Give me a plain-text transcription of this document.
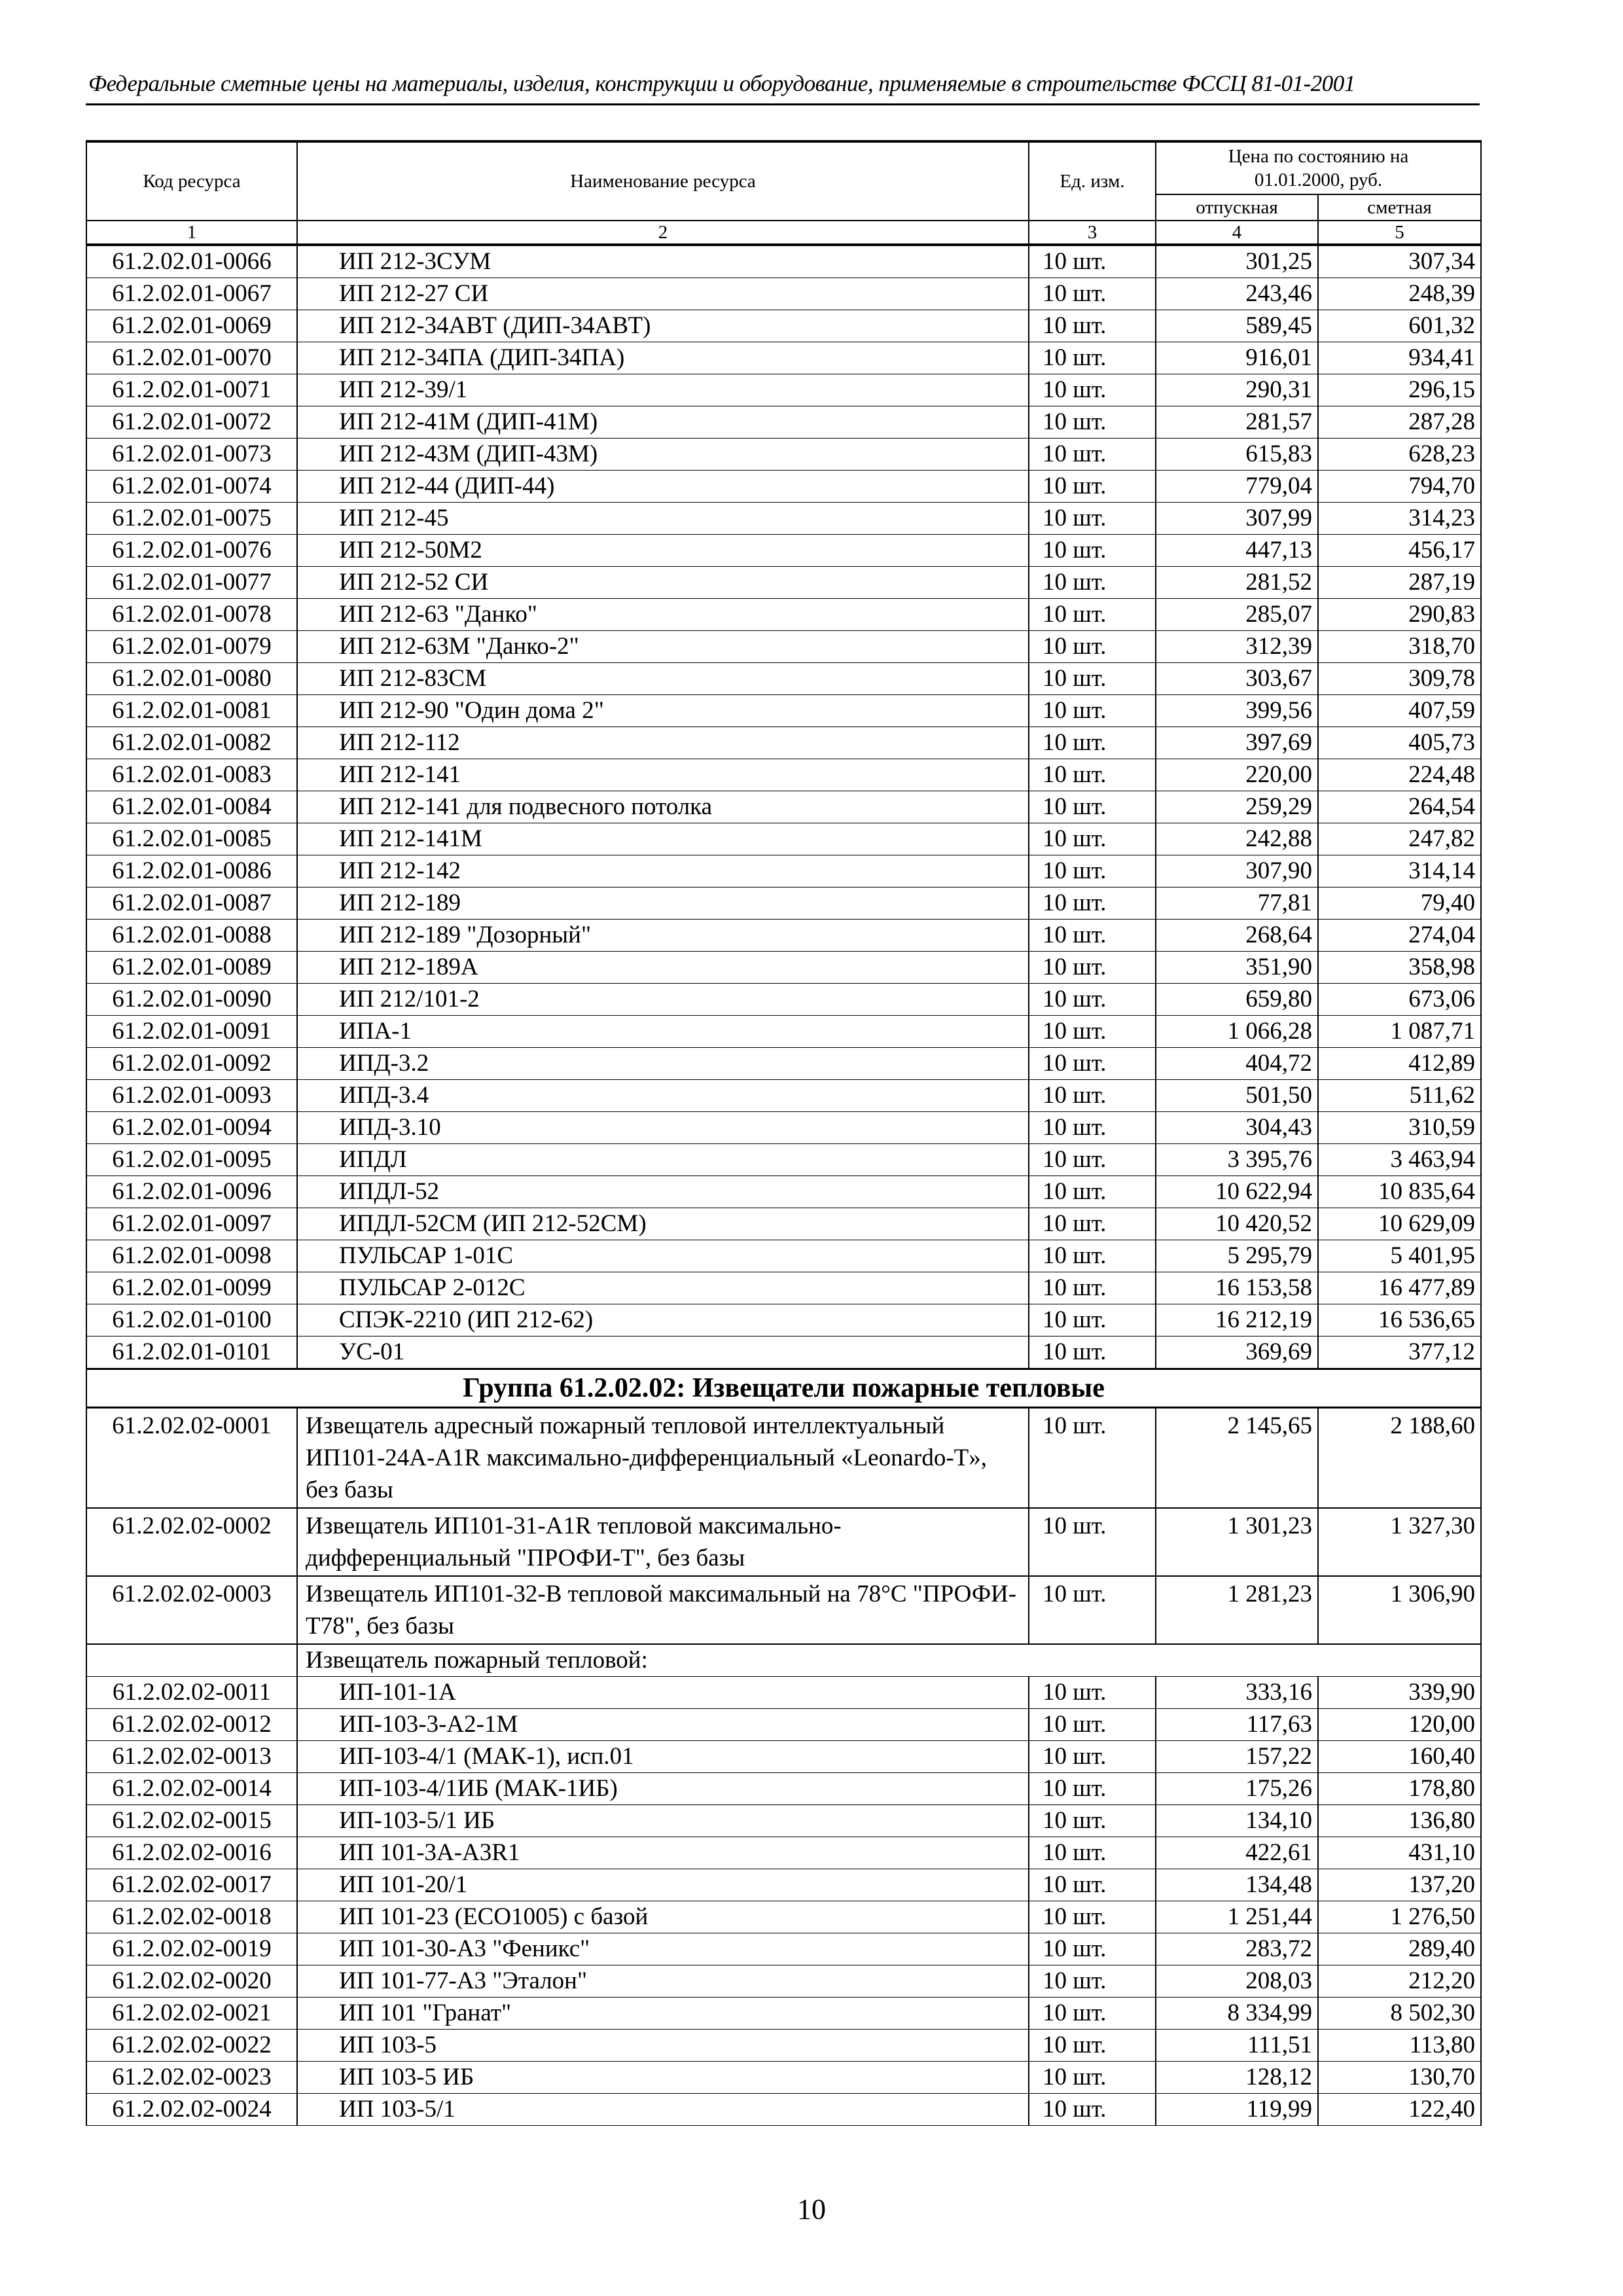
Федеральные сметные цены на материалы, изделия, конструкции и оборудование, применяемые в строительстве ФССЦ 81-01-2001
Код ресурса	Наименование ресурса	Ед. изм.	Цена по состоянию на 01.01.2000, руб.	
			отпускная	сметная
1	2	3	4	5
61.2.02.01-0066	ИП 212-3СУМ	10 шт.	301,25	307,34
61.2.02.01-0067	ИП 212-27 СИ	10 шт.	243,46	248,39
61.2.02.01-0069	ИП 212-34АВТ (ДИП-34АВТ)	10 шт.	589,45	601,32
61.2.02.01-0070	ИП 212-34ПА (ДИП-34ПА)	10 шт.	916,01	934,41
61.2.02.01-0071	ИП 212-39/1	10 шт.	290,31	296,15
61.2.02.01-0072	ИП 212-41М (ДИП-41М)	10 шт.	281,57	287,28
61.2.02.01-0073	ИП 212-43М (ДИП-43М)	10 шт.	615,83	628,23
61.2.02.01-0074	ИП 212-44 (ДИП-44)	10 шт.	779,04	794,70
61.2.02.01-0075	ИП 212-45	10 шт.	307,99	314,23
61.2.02.01-0076	ИП 212-50М2	10 шт.	447,13	456,17
61.2.02.01-0077	ИП 212-52 СИ	10 шт.	281,52	287,19
61.2.02.01-0078	ИП 212-63 "Данко"	10 шт.	285,07	290,83
61.2.02.01-0079	ИП 212-63М "Данко-2"	10 шт.	312,39	318,70
61.2.02.01-0080	ИП 212-83СМ	10 шт.	303,67	309,78
61.2.02.01-0081	ИП 212-90 "Один дома 2"	10 шт.	399,56	407,59
61.2.02.01-0082	ИП 212-112	10 шт.	397,69	405,73
61.2.02.01-0083	ИП 212-141	10 шт.	220,00	224,48
61.2.02.01-0084	ИП 212-141 для подвесного потолка	10 шт.	259,29	264,54
61.2.02.01-0085	ИП 212-141М	10 шт.	242,88	247,82
61.2.02.01-0086	ИП 212-142	10 шт.	307,90	314,14
61.2.02.01-0087	ИП 212-189	10 шт.	77,81	79,40
61.2.02.01-0088	ИП 212-189 "Дозорный"	10 шт.	268,64	274,04
61.2.02.01-0089	ИП 212-189А	10 шт.	351,90	358,98
61.2.02.01-0090	ИП 212/101-2	10 шт.	659,80	673,06
61.2.02.01-0091	ИПА-1	10 шт.	1 066,28	1 087,71
61.2.02.01-0092	ИПД-3.2	10 шт.	404,72	412,89
61.2.02.01-0093	ИПД-3.4	10 шт.	501,50	511,62
61.2.02.01-0094	ИПД-3.10	10 шт.	304,43	310,59
61.2.02.01-0095	ИПДЛ	10 шт.	3 395,76	3 463,94
61.2.02.01-0096	ИПДЛ-52	10 шт.	10 622,94	10 835,64
61.2.02.01-0097	ИПДЛ-52СМ (ИП 212-52СМ)	10 шт.	10 420,52	10 629,09
61.2.02.01-0098	ПУЛЬСАР 1-01С	10 шт.	5 295,79	5 401,95
61.2.02.01-0099	ПУЛЬСАР 2-012С	10 шт.	16 153,58	16 477,89
61.2.02.01-0100	СПЭК-2210 (ИП 212-62)	10 шт.	16 212,19	16 536,65
61.2.02.01-0101	УС-01	10 шт.	369,69	377,12
Группа 61.2.02.02: Извещатели пожарные тепловые				
61.2.02.02-0001	Извещатель адресный пожарный тепловой интеллектуальный ИП101-24А-А1R максимально-дифференциальный «Leonardo-T», без базы	10 шт.	2 145,65	2 188,60
61.2.02.02-0002	Извещатель ИП101-31-А1R тепловой максимально-дифференциальный "ПРОФИ-Т", без базы	10 шт.	1 301,23	1 327,30
61.2.02.02-0003	Извещатель ИП101-32-В тепловой максимальный на 78°С "ПРОФИ-Т78", без базы	10 шт.	1 281,23	1 306,90
	Извещатель пожарный тепловой:			
61.2.02.02-0011	ИП-101-1А	10 шт.	333,16	339,90
61.2.02.02-0012	ИП-103-3-А2-1М	10 шт.	117,63	120,00
61.2.02.02-0013	ИП-103-4/1 (МАК-1), исп.01	10 шт.	157,22	160,40
61.2.02.02-0014	ИП-103-4/1ИБ (МАК-1ИБ)	10 шт.	175,26	178,80
61.2.02.02-0015	ИП-103-5/1 ИБ	10 шт.	134,10	136,80
61.2.02.02-0016	ИП 101-3А-А3R1	10 шт.	422,61	431,10
61.2.02.02-0017	ИП 101-20/1	10 шт.	134,48	137,20
61.2.02.02-0018	ИП 101-23 (ЕСО1005) с базой	10 шт.	1 251,44	1 276,50
61.2.02.02-0019	ИП 101-30-А3 "Феникс"	10 шт.	283,72	289,40
61.2.02.02-0020	ИП 101-77-А3 "Эталон"	10 шт.	208,03	212,20
61.2.02.02-0021	ИП 101 "Гранат"	10 шт.	8 334,99	8 502,30
61.2.02.02-0022	ИП 103-5	10 шт.	111,51	113,80
61.2.02.02-0023	ИП 103-5 ИБ	10 шт.	128,12	130,70
61.2.02.02-0024	ИП 103-5/1	10 шт.	119,99	122,40
10
